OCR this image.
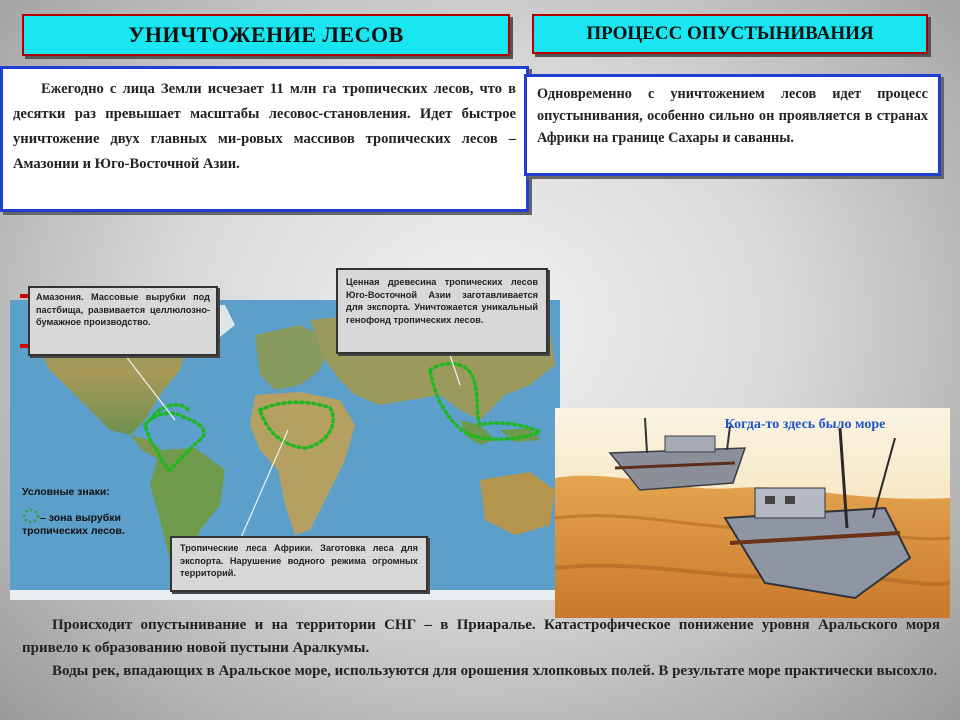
УНИЧТОЖЕНИЕ ЛЕСОВ	ПРОЦЕСС ОПУСТЫНИВАНИЯ
Ежегодно с лица Земли исчезает 11 млн га тропических лесов, что в десятки раз превышает масштабы лесовос-становления. Идет быстрое уничтожение двух главных ми-ровых массивов тропических лесов – Амазонии и Юго-Восточной Азии.
Одновременно с уничтожением лесов идет процесс опустынивания, особенно сильно он проявляется в странах Африки на границе Сахары и саванны.
Амазония. Массовые вырубки под пастбища, развивается целлюлозно-бумажное производство.
Ценная древесина тропических лесов Юго-Восточной Азии заготавливается для экспорта. Уничтожается уникальный генофонд тропических лесов.
Тропические леса Африки. Заготовка леса для экспорта. Нарушение водного режима огромных территорий.
Условные знаки:
– зона вырубки тропических лесов.
Когда-то здесь было море

Происходит опустынивание и на территории СНГ – в Приаралье. Катастрофическое понижение уровня Аральского моря привело к образованию новой пустыни Аралкумы.

Воды рек, впадающих в Аральское море, используются для орошения хлопковых полей. В результате море практически высохло.
